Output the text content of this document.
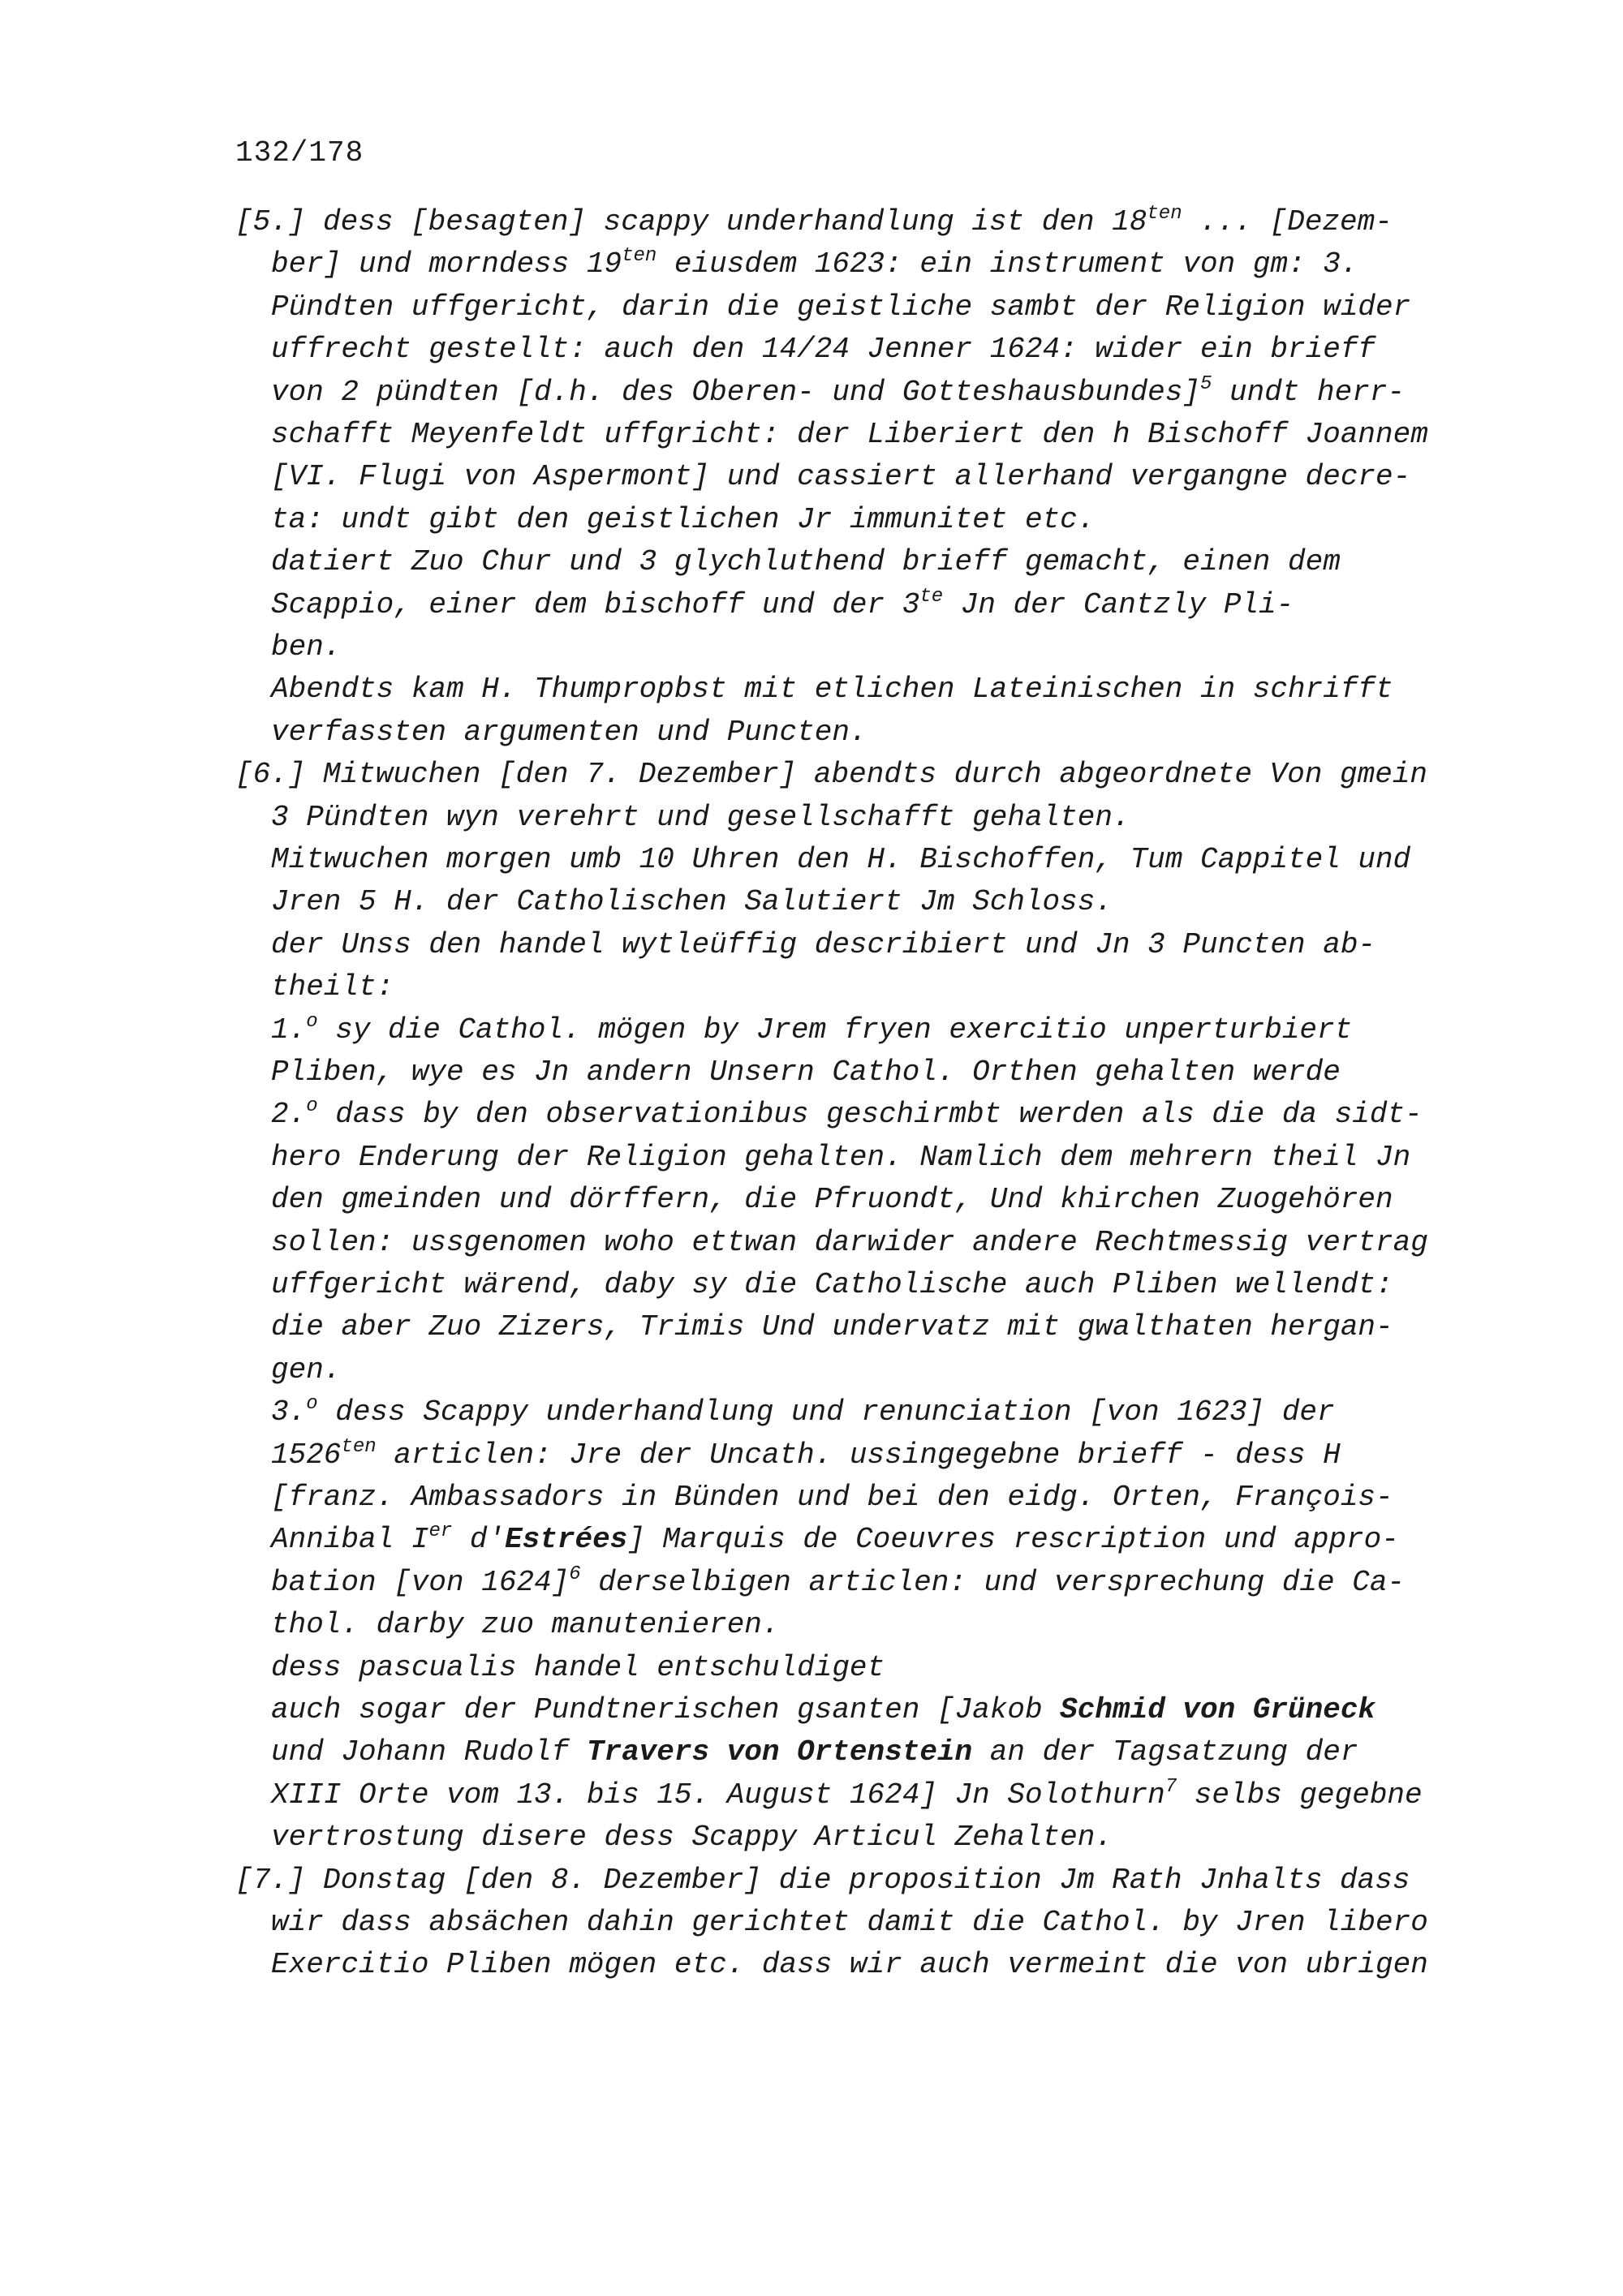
132/178
[5.] dess [besagten] scappy underhandlung ist den $18^{ten}$ ... [Dezem-
ber] und morndess $19^{ten}$ eiusdem 1623: ein instrument von gm: 3.
Pündten uffgericht, darin die geistliche sambt der Religion wider
uffrecht gestellt: auch den 14/24 Jenner 1624: wider ein brieff
von 2 pündten [d.h. des Oberen- und Gotteshausbundes]$^5$ undt herr-
schafft Meyenfeldt uffgricht: der Liberiert den h Bischoff Joannem
[VI. Flugi von Aspermont] und cassiert allerhand vergangne decre-
ta: undt gibt den geistlichen Jr immunitet etc.
datiert Zuo Chur und 3 glychluthend brieff gemacht, einen dem
Scappio, einer dem bischoff und der $3^{te}$ Jn der Cantzly Pli-
ben.
Abendts kam H. Thumpropbst mit etlichen Lateinischen in schrifft
verfassten argumenten und Puncten.
[6.] Mitwuchen [den 7. Dezember] abendts durch abgeordnete Von gmein
3 Pündten wyn verehrt und gesellschafft gehalten.
Mitwuchen morgen umb 10 Uhren den H. Bischoffen, Tum Cappitel und
Jren 5 H. der Catholischen Salutiert Jm Schloss.
der Unss den handel wytleüffig describiert und Jn 3 Puncten ab-
theilt:
1.$^o$ sy die Cathol. mögen by Jrem fryen exercitio unperturbiert
Pliben, wye es Jn andern Unsern Cathol. Orthen gehalten werde
2.$^o$ dass by den observationibus geschirmbt werden als die da sidt-
hero Enderung der Religion gehalten. Namlich dem mehrern theil Jn
den gmeinden und dörffern, die Pfruondt, Und khirchen Zuogehören
sollen: ussgenomen woho ettwan darwider andere Rechtmessig vertrag
uffgericht wärend, daby sy die Catholische auch Pliben wellendt:
die aber Zuo Zizers, Trimis Und undervatz mit gwalthaten hergan-
gen.
3.$^o$ dess Scappy underhandlung und renunciation [von 1623] der
$1526^{ten}$ articlen: Jre der Uncath. ussingegebne brieff - dess H
[franz. Ambassadors in Bünden und bei den eidg. Orten, François-
Annibal Ier d'Estrées] Marquis de Coeuvres rescription und appro-
bation [von 1624]$^6$ derselbigen articlen: und versprechung die Ca-
thol. darby zuo manutenieren.
dess pascualis handel entschuldiget
auch sogar der Pundtnerischen gsanten [Jakob Schmid von Grüneck
und Johann Rudolf Travers von Ortenstein an der Tagsatzung der
XIII Orte vom 13. bis 15. August 1624] Jn Solothurn$^7$ selbs gegebne
vertrostung disere dess Scappy Articul Zehalten.
[7.] Donstag [den 8. Dezember] die proposition Jm Rath Jnhalts dass
wir dass absächen dahin gerichtet damit die Cathol. by Jren libero
Exercitio Pliben mögen etc. dass wir auch vermeint die von ubrigen
